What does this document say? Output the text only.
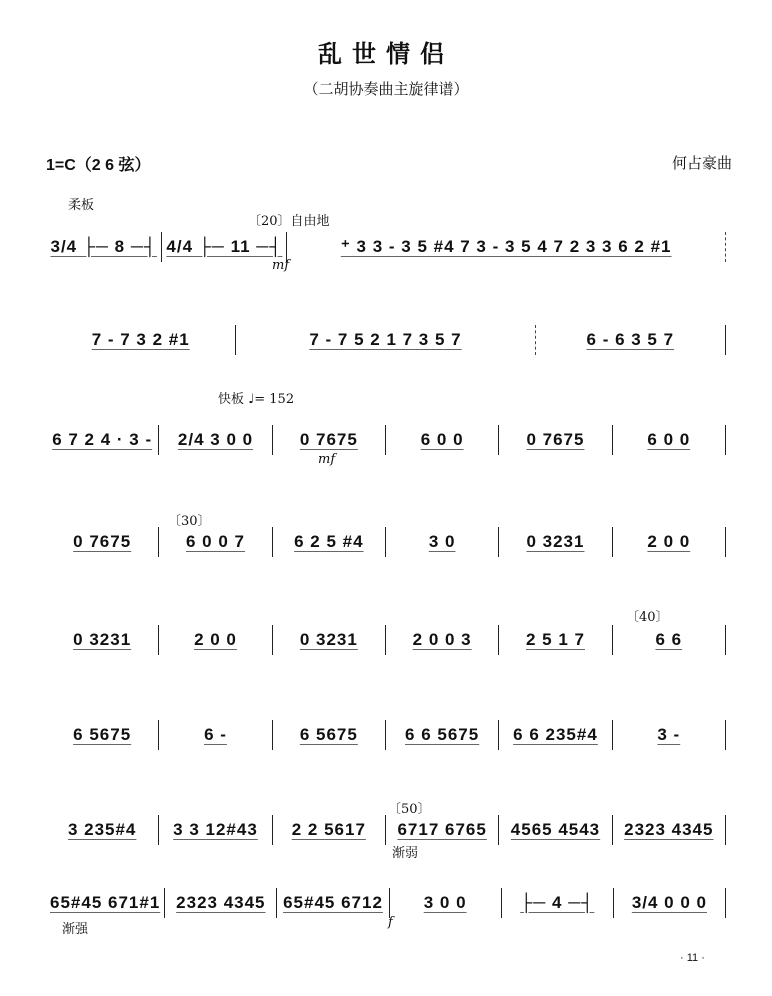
乱世情侣
（二胡协奏曲主旋律谱）
1=C（2 6 弦）	何占豪曲
柔板
〔20〕自由地
mf
快板 ♩= 152
mf
〔30〕
〔40〕
〔50〕
渐弱
渐强	f
3/4 ├─ 8 ─┤ 4/4 ├─ 11 ─┤	⁺ 3 3 - 3 5 #4 7 3 - 3 5 4 7 2 3 3 6 2 #1
7 - 7 3 2 #1	7 - 7 5 2 1 7 3 5 7	6 - 6 3 5 7
6 7 2 4 · 3 -	2/4 3 0 0	0 7675	6 0 0	0 7675	6 0 0
0 7675	6 0 0 7	6 2 5 #4	3 0	0 3231	2 0 0
0 3231	2 0 0	0 3231	2 0 0 3	2 5 1 7	6 6
6 5675	6 -	6 5675	6 6 5675	6 6 235#4	3 -
3 235#4	3 3 12#43	2 2 5617	6717 6765	4565 4543	2323 4345
65#45 671#1 2323 4345	65#45 6712	3 0 0	├─ 4 ─┤	3/4 0 0 0
· 11 ·
